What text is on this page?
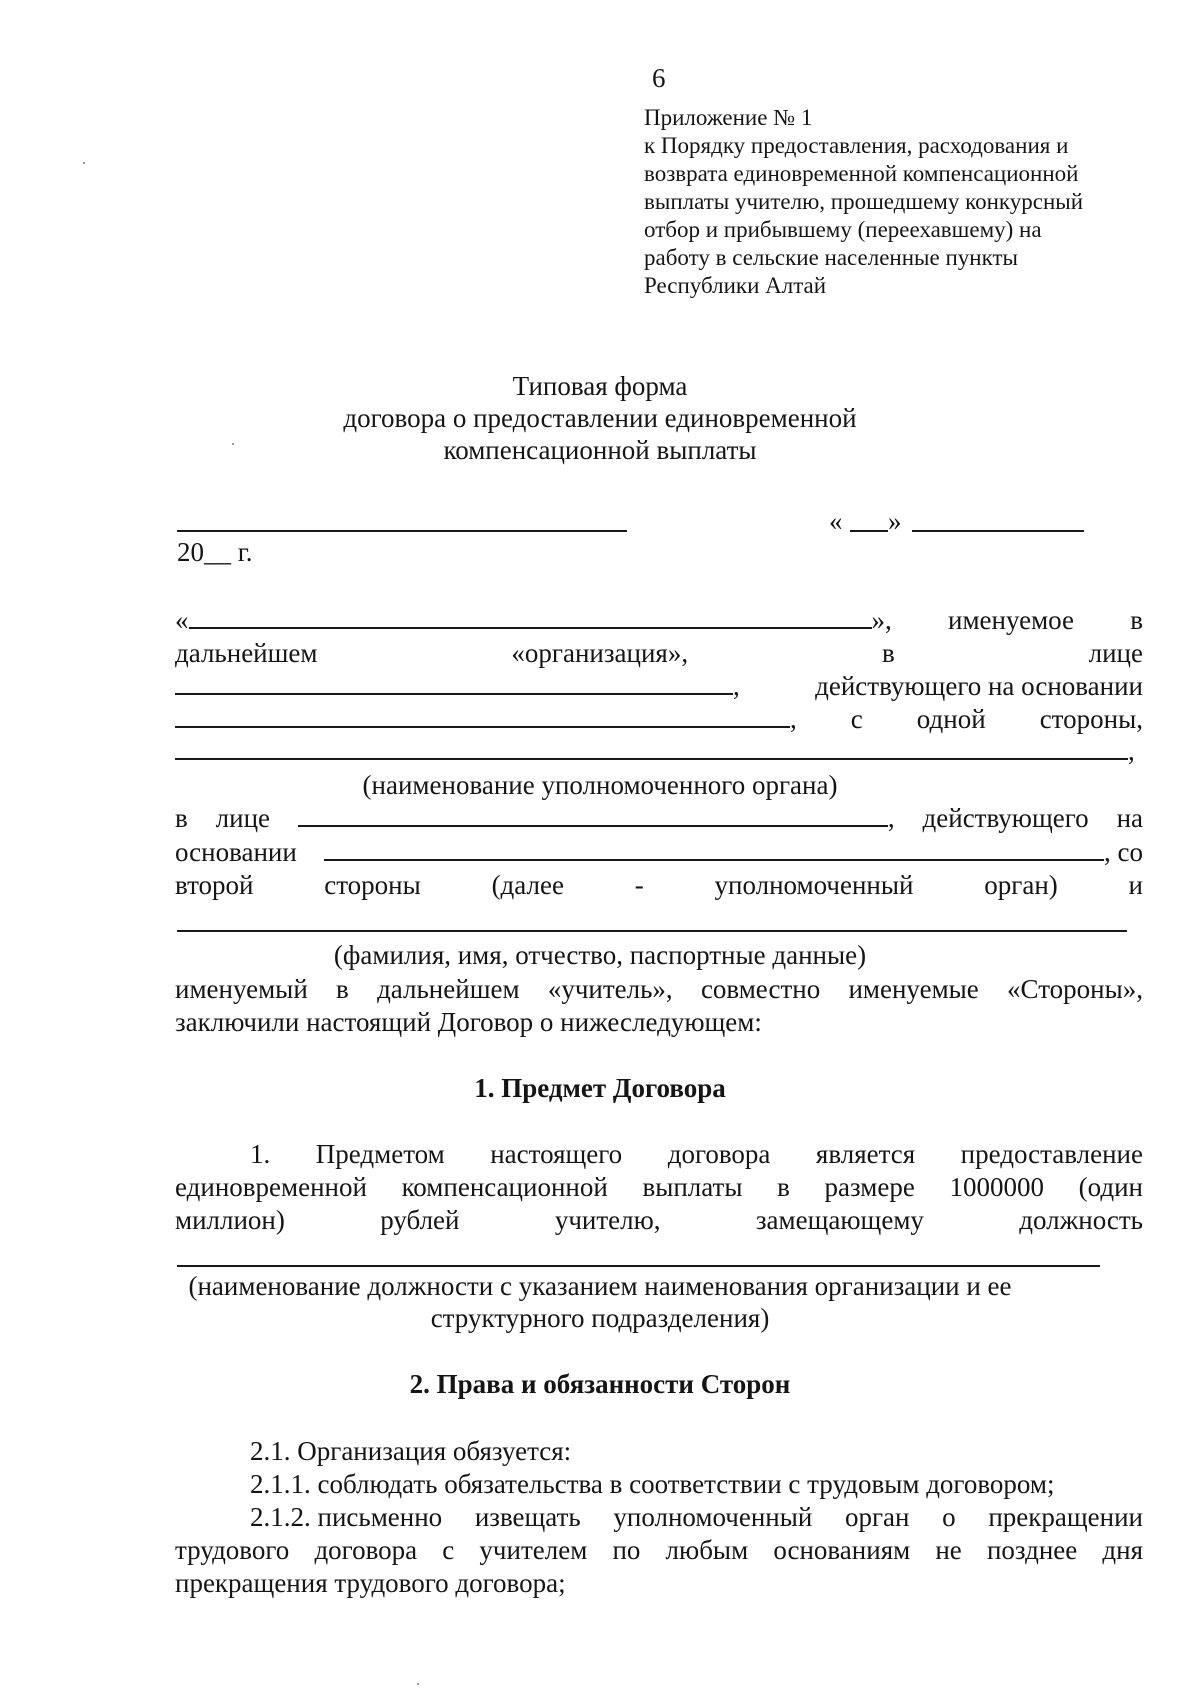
6
Приложение № 1
к Порядку предоставления, расходования и
возврата единовременной компенсационной
выплаты учителю, прошедшему конкурсный
отбор и прибывшему (переехавшему) на
работу в сельские населенные пункты
Республики Алтай
Типовая форма
договора о предоставлении единовременной
компенсационной выплаты
« »
20__ г.
«	», именуемое в
дальнейшем	«организация»,	в	лице
,	действующего на основании
, с одной стороны,
,
(наименование уполномоченного органа)
в лице	, действующего на
основании	, со
второй	стороны	(далее	-	уполномоченный	орган)	и
(фамилия, имя, отчество, паспортные данные)
именуемый в дальнейшем «учитель», совместно именуемые «Стороны»,
заключили настоящий Договор о нижеследующем:
1. Предмет Договора
1. Предметом настоящего договора является предоставление
единовременной компенсационной выплаты в размере 1000000 (один
миллион)	рублей	учителю,	замещающему	должность
(наименование должности с указанием наименования организации и ее
структурного подразделения)
2. Права и обязанности Сторон
2.1. Организация обязуется:
2.1.1. соблюдать обязательства в соответствии с трудовым договором;
2.1.2. письменно извещать уполномоченный орган о прекращении
трудового договора с учителем по любым основаниям не позднее дня
прекращения трудового договора;
